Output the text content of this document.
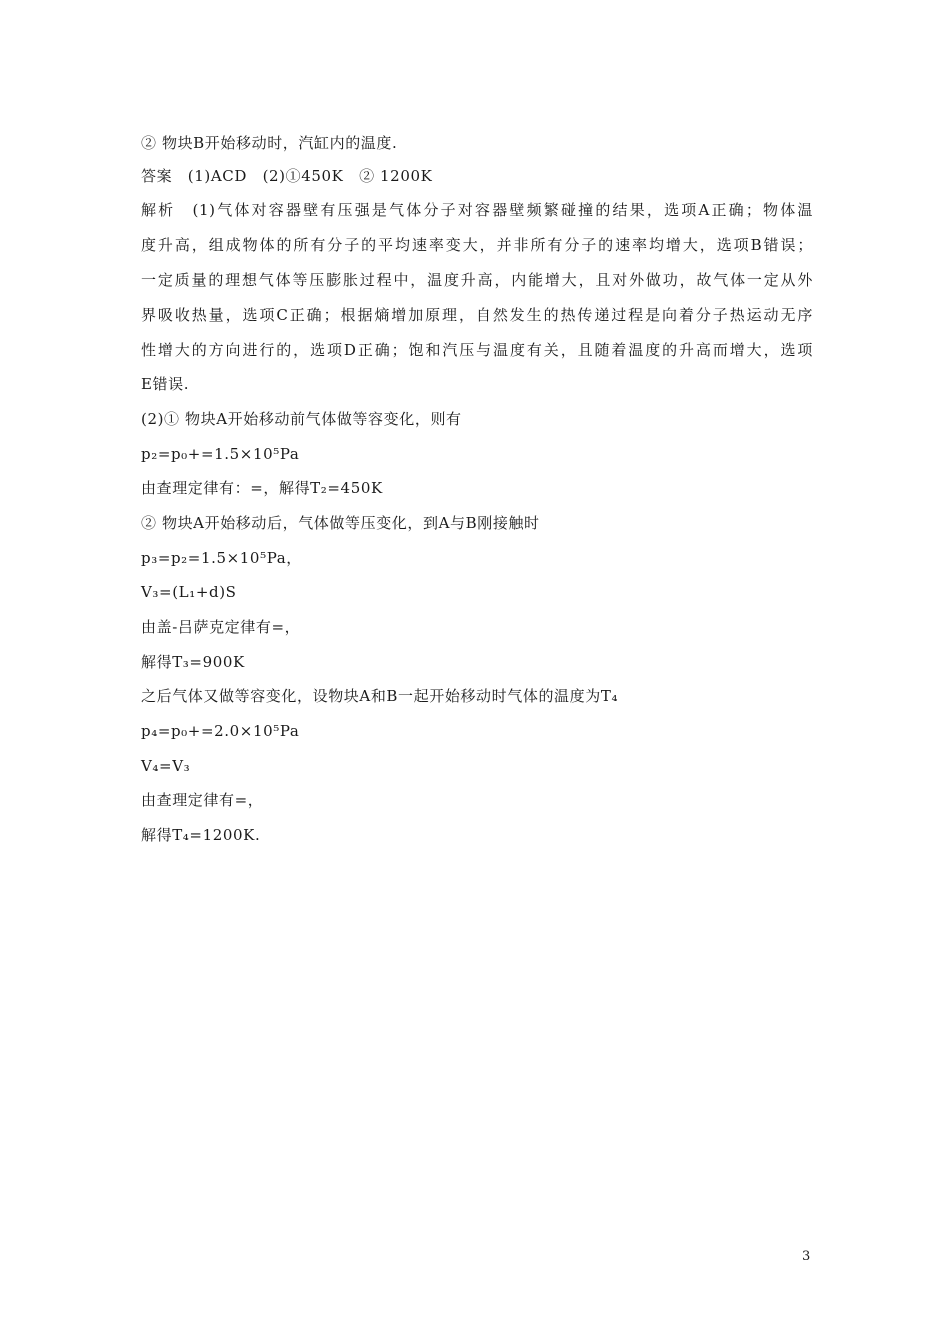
② 物块B开始移动时，汽缸内的温度.
答案　(1)ACD　(2)①450K　② 1200K
解析　(1)气体对容器壁有压强是气体分子对容器壁频繁碰撞的结果，选项A正确；物体温
度升高，组成物体的所有分子的平均速率变大，并非所有分子的速率均增大，选项B错误；
一定质量的理想气体等压膨胀过程中，温度升高，内能增大，且对外做功，故气体一定从外
界吸收热量，选项C正确；根据熵增加原理，自然发生的热传递过程是向着分子热运动无序
性增大的方向进行的，选项D正确；饱和汽压与温度有关，且随着温度的升高而增大，选项
E错误.
(2)① 物块A开始移动前气体做等容变化，则有
p₂=p₀+=1.5×10⁵Pa
由查理定律有：=，解得T₂=450K
② 物块A开始移动后，气体做等压变化，到A与B刚接触时
p₃=p₂=1.5×10⁵Pa，
V₃=(L₁+d)S
由盖-吕萨克定律有=，
解得T₃=900K
之后气体又做等容变化，设物块A和B一起开始移动时气体的温度为T₄
p₄=p₀+=2.0×10⁵Pa
V₄=V₃
由查理定律有=，
解得T₄=1200K.
3
